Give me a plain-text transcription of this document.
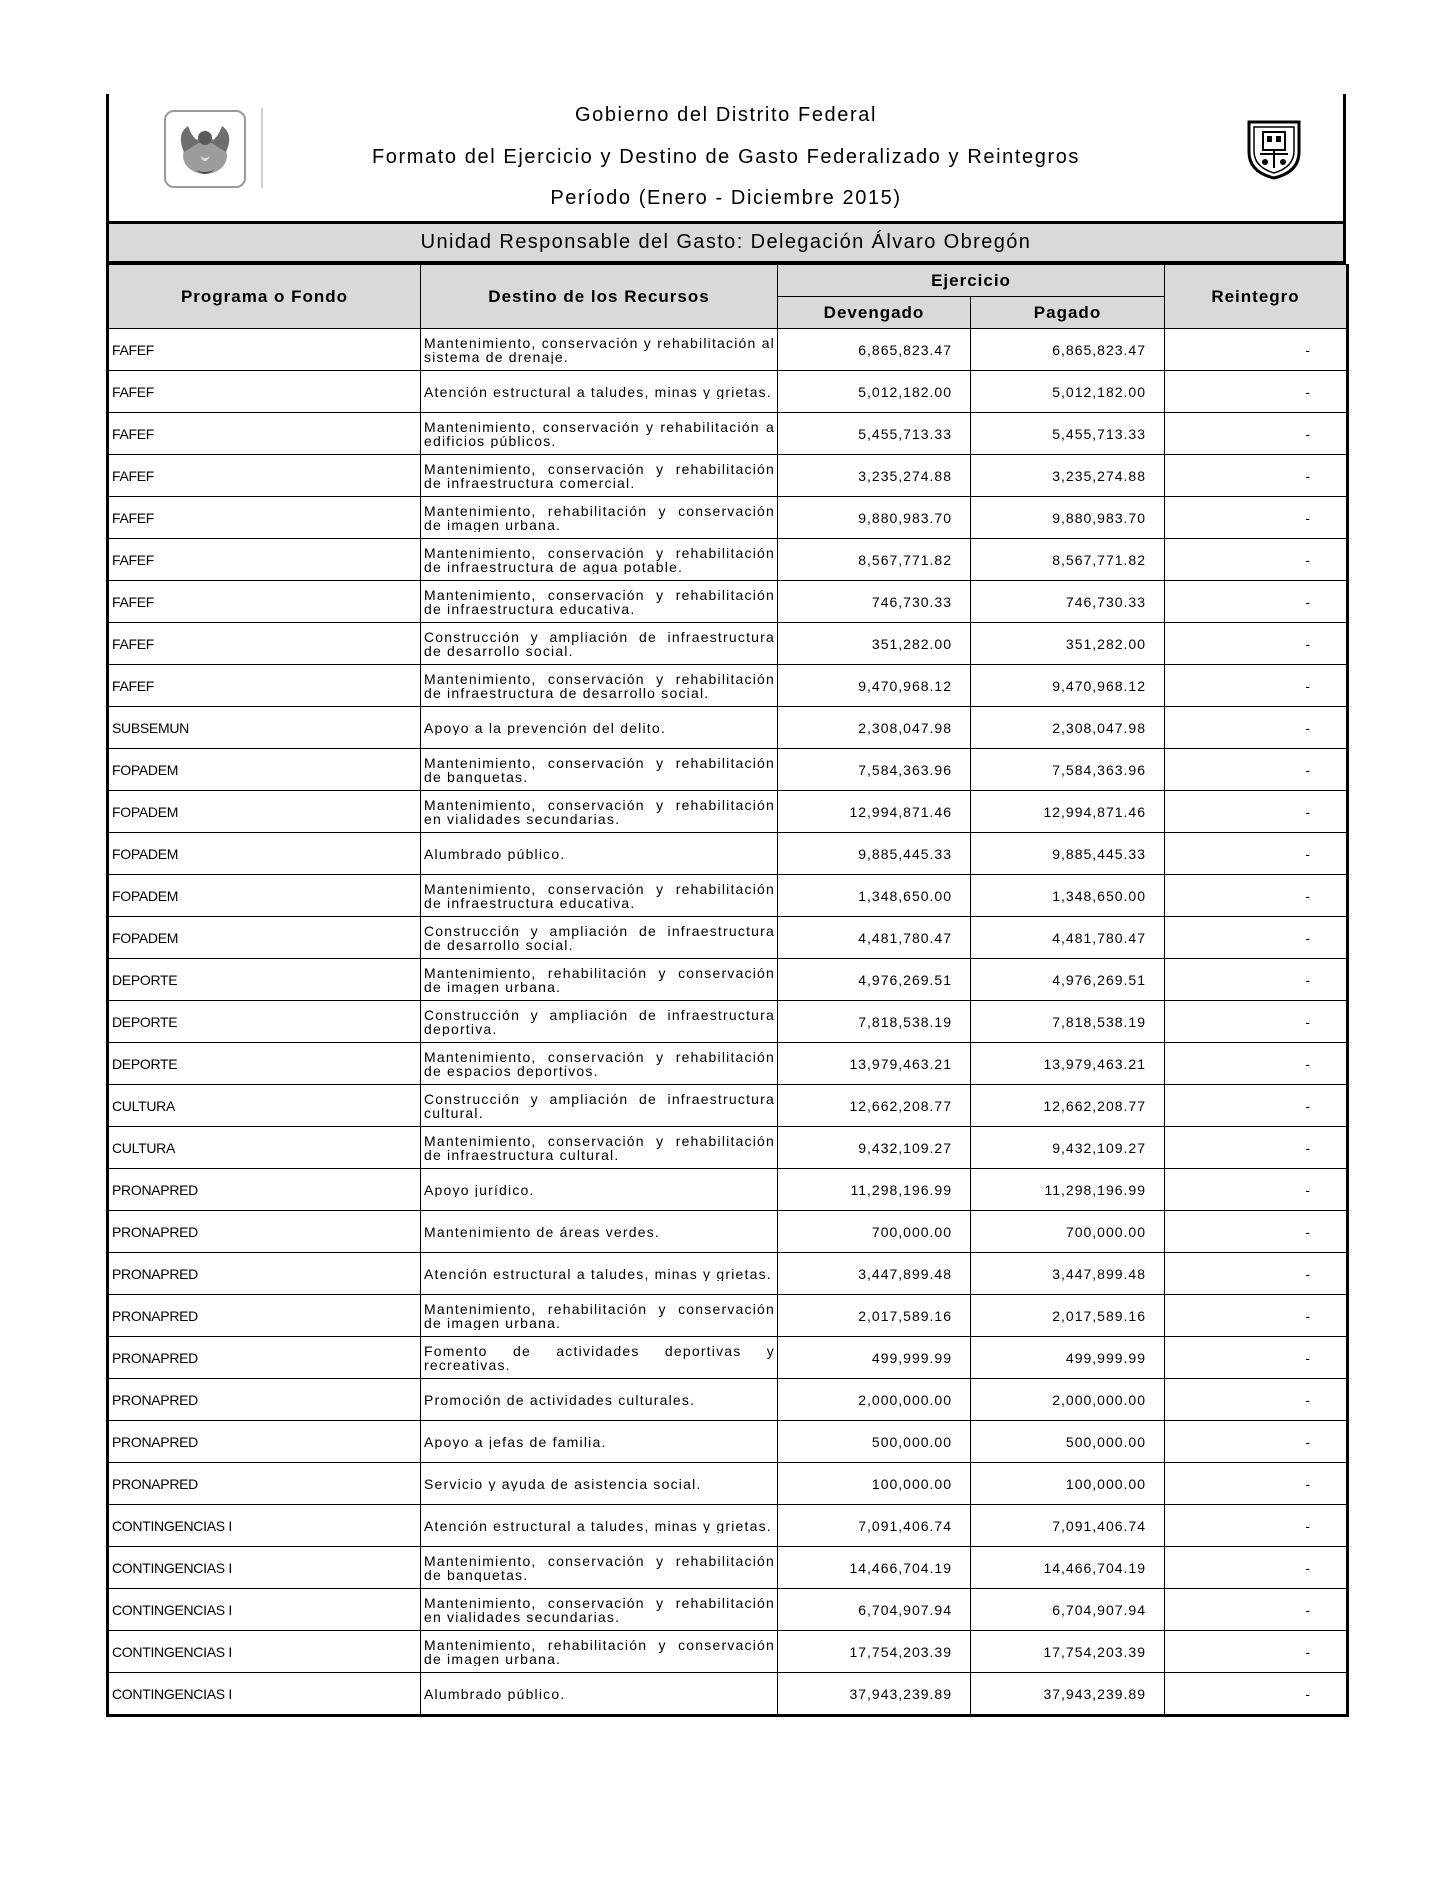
Gobierno del Distrito Federal
Formato del Ejercicio y Destino de Gasto Federalizado y Reintegros
Período (Enero - Diciembre 2015)
Unidad Responsable del Gasto: Delegación Álvaro Obregón
Programa o Fondo	Destino de los Recursos	Ejercicio		Reintegro
		Devengado	Pagado	
FAFEF	Mantenimiento, conservación y rehabilitación al sistema de drenaje.	6,865,823.47	6,865,823.47	-
FAFEF	Atención estructural a taludes, minas y grietas.	5,012,182.00	5,012,182.00	-
FAFEF	Mantenimiento, conservación y rehabilitación a edificios públicos.	5,455,713.33	5,455,713.33	-
FAFEF	Mantenimiento, conservación y rehabilitación de infraestructura comercial.	3,235,274.88	3,235,274.88	-
FAFEF	Mantenimiento, rehabilitación y conservación de imagen urbana.	9,880,983.70	9,880,983.70	-
FAFEF	Mantenimiento, conservación y rehabilitación de infraestructura de agua potable.	8,567,771.82	8,567,771.82	-
FAFEF	Mantenimiento, conservación y rehabilitación de infraestructura educativa.	746,730.33	746,730.33	-
FAFEF	Construcción y ampliación de infraestructura de desarrollo social.	351,282.00	351,282.00	-
FAFEF	Mantenimiento, conservación y rehabilitación de infraestructura de desarrollo social.	9,470,968.12	9,470,968.12	-
SUBSEMUN	Apoyo a la prevención del delito.	2,308,047.98	2,308,047.98	-
FOPADEM	Mantenimiento, conservación y rehabilitación de banquetas.	7,584,363.96	7,584,363.96	-
FOPADEM	Mantenimiento, conservación y rehabilitación en vialidades secundarias.	12,994,871.46	12,994,871.46	-
FOPADEM	Alumbrado público.	9,885,445.33	9,885,445.33	-
FOPADEM	Mantenimiento, conservación y rehabilitación de infraestructura educativa.	1,348,650.00	1,348,650.00	-
FOPADEM	Construcción y ampliación de infraestructura de desarrollo social.	4,481,780.47	4,481,780.47	-
DEPORTE	Mantenimiento, rehabilitación y conservación de imagen urbana.	4,976,269.51	4,976,269.51	-
DEPORTE	Construcción y ampliación de infraestructura deportiva.	7,818,538.19	7,818,538.19	-
DEPORTE	Mantenimiento, conservación y rehabilitación de espacios deportivos.	13,979,463.21	13,979,463.21	-
CULTURA	Construcción y ampliación de infraestructura cultural.	12,662,208.77	12,662,208.77	-
CULTURA	Mantenimiento, conservación y rehabilitación de infraestructura cultural.	9,432,109.27	9,432,109.27	-
PRONAPRED	Apoyo jurídico.	11,298,196.99	11,298,196.99	-
PRONAPRED	Mantenimiento de áreas verdes.	700,000.00	700,000.00	-
PRONAPRED	Atención estructural a taludes, minas y grietas.	3,447,899.48	3,447,899.48	-
PRONAPRED	Mantenimiento, rehabilitación y conservación de imagen urbana.	2,017,589.16	2,017,589.16	-
PRONAPRED	Fomento de actividades deportivas y recreativas.	499,999.99	499,999.99	-
PRONAPRED	Promoción de actividades culturales.	2,000,000.00	2,000,000.00	-
PRONAPRED	Apoyo a jefas de familia.	500,000.00	500,000.00	-
PRONAPRED	Servicio y ayuda de asistencia social.	100,000.00	100,000.00	-
CONTINGENCIAS I	Atención estructural a taludes, minas y grietas.	7,091,406.74	7,091,406.74	-
CONTINGENCIAS I	Mantenimiento, conservación y rehabilitación de banquetas.	14,466,704.19	14,466,704.19	-
CONTINGENCIAS I	Mantenimiento, conservación y rehabilitación en vialidades secundarias.	6,704,907.94	6,704,907.94	-
CONTINGENCIAS I	Mantenimiento, rehabilitación y conservación de imagen urbana.	17,754,203.39	17,754,203.39	-
CONTINGENCIAS I	Alumbrado público.	37,943,239.89	37,943,239.89	-
